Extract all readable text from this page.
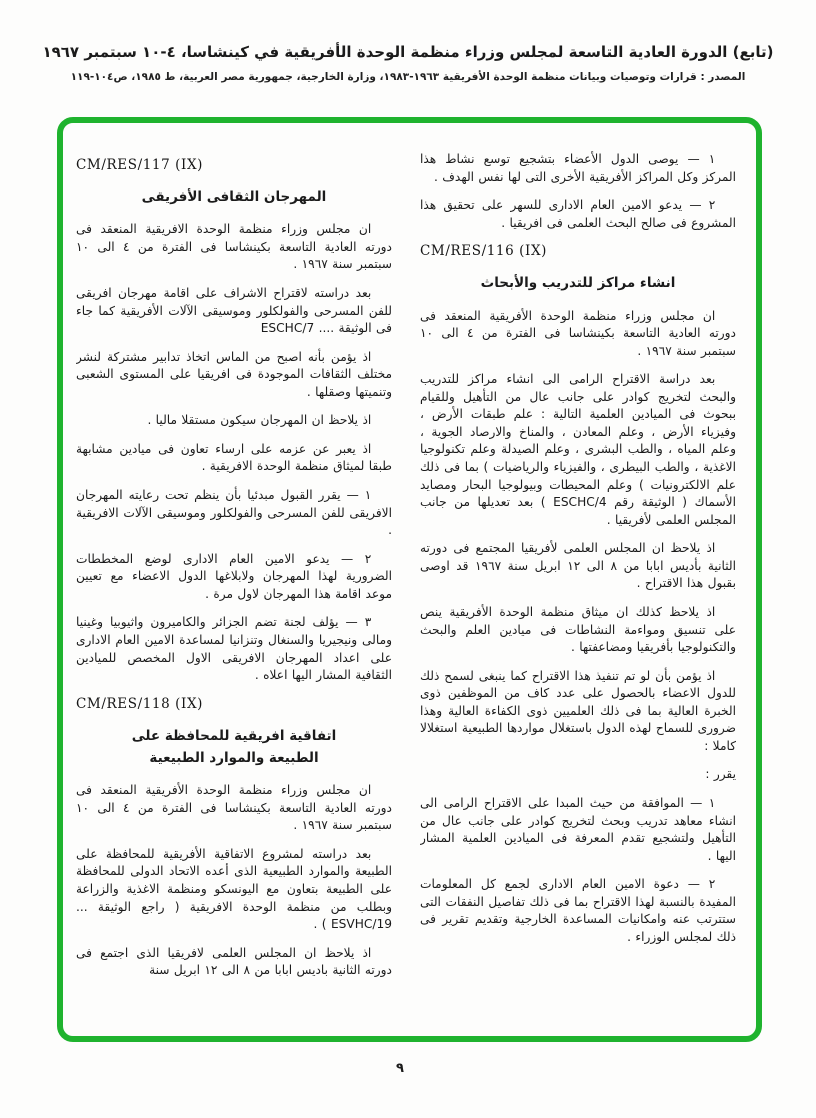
(تابع) الدورة العادية التاسعة لمجلس وزراء منظمة الوحدة الأفريقية في كينشاسا، ٤-١٠ سبتمبر ١٩٦٧
المصدر : قرارات وتوصيات وبيانات منظمة الوحدة الأفريقية ١٩٦٣-١٩٨٣، وزارة الخارجية، جمهورية مصر العربية، ط ١٩٨٥، ص١٠٤-١١٩
١ — يوصى الدول الأعضاء بتشجيع توسع نشاط هذا المركز وكل المراكز الأفريقية الأخرى التى لها نفس الهدف .
٢ — يدعو الامين العام الادارى للسهر على تحقيق هذا المشروع فى صالح البحث العلمى فى افريقيا .
CM/RES/116 (IX)
انشاء مراكز للتدريب والأبحاث
ان مجلس وزراء منظمة الوحدة الأفريقية المنعقد فى دورته العادية التاسعة بكينشاسا فى الفترة من ٤ الى ١٠ سبتمبر سنة ١٩٦٧ .
بعد دراسة الاقتراح الرامى الى انشاء مراكز للتدريب والبحث لتخريج كوادر على جانب عال من التأهيل وللقيام ببحوث فى الميادين العلمية التالية : علم طبقات الأرض ، وفيزياء الأرض ، وعلم المعادن ، والمناخ والارصاد الجوية ، وعلم المياه ، والطب البشرى ، وعلم الصيدلة وعلم تكنولوجيا الاغذية ، والطب البيطرى ، والفيزياء والرياضيات ) بما فى ذلك علم الالكترونيات ) وعلم المحيطات وبيولوجيا البحار ومصايد الأسماك ( الوثيقة رقم ESCHC/4 ) بعد تعديلها من جانب المجلس العلمى لأفريقيا .
اذ يلاحظ ان المجلس العلمى لأفريقيا المجتمع فى دورته الثانية بأديس ابابا من ٨ الى ١٢ ابريل سنة ١٩٦٧ قد اوصى بقبول هذا الاقتراح .
اذ يلاحظ كذلك ان ميثاق منظمة الوحدة الأفريقية ينص على تنسيق ومواءمة النشاطات فى ميادين العلم والبحث والتكنولوجيا بأفريقيا ومضاعفتها .
اذ يؤمن بأن لو تم تنفيذ هذا الاقتراح كما ينبغى لسمح ذلك للدول الاعضاء بالحصول على عدد كاف من الموظفين ذوى الخبرة العالية بما فى ذلك العلميين ذوى الكفاءة العالية وهذا ضرورى للسماح لهذه الدول باستغلال مواردها الطبيعية استغلالا كاملا :
يقرر :
١ — الموافقة من حيث المبدا على الاقتراح الرامى الى انشاء معاهد تدريب وبحث لتخريج كوادر على جانب عال من التأهيل ولتشجيع تقدم المعرفة فى الميادين العلمية المشار اليها .
٢ — دعوة الامين العام الادارى لجمع كل المعلومات المفيدة بالنسبة لهذا الاقتراح بما فى ذلك تفاصيل النفقات التى ستترتب عنه وامكانيات المساعدة الخارجية وتقديم تقرير فى ذلك لمجلس الوزراء .
CM/RES/117 (IX)
المهرجان الثقافى الأفريقى
ان مجلس وزراء منظمة الوحدة الافريقية المنعقد فى دورته العادية التاسعة بكينشاسا فى الفترة من ٤ الى ١٠ سبتمبر سنة ١٩٦٧ .
بعد دراسته لاقتراح الاشراف على اقامة مهرجان افريقى للفن المسرحى والفولكلور وموسيقى الآلات الأفريقية كما جاء فى الوثيقة .... ESCHC/7
اذ يؤمن بأنه اصبح من الماس اتخاذ تدابير مشتركة لنشر مختلف الثقافات الموجودة فى افريقيا على المستوى الشعبى وتنميتها وصقلها .
اذ يلاحظ ان المهرجان سيكون مستقلا ماليا .
اذ يعبر عن عزمه على ارساء تعاون فى ميادين مشابهة طبقا لميثاق منظمة الوحدة الافريقية .
١ — يقرر القبول مبدئيا بأن ينظم تحت رعايته المهرجان الافريقى للفن المسرحى والفولكلور وموسيقى الآلات الافريقية .
٢ — يدعو الامين العام الادارى لوضع المخططات الضرورية لهذا المهرجان ولابلاغها الدول الاعضاء مع تعيين موعد اقامة هذا المهرجان لاول مرة .
٣ — يؤلف لجنة تضم الجزائر والكاميرون واثيوبيا وغينيا ومالى ونيجيريا والسنغال وتنزانيا لمساعدة الامين العام الادارى على اعداد المهرجان الافريقى الاول المخصص للميادين الثقافية المشار اليها اعلاه .
CM/RES/118 (IX)
اتفاقية افريقية للمحافظة على
الطبيعة والموارد الطبيعية
ان مجلس وزراء منظمة الوحدة الأفريقية المنعقد فى دورته العادية التاسعة بكينشاسا فى الفترة من ٤ الى ١٠ سبتمبر سنة ١٩٦٧ .
بعد دراسته لمشروع الاتفاقية الأفريقية للمحافظة على الطبيعة والموارد الطبيعية الذى أعده الاتحاد الدولى للمحافظة على الطبيعة بتعاون مع اليونسكو ومنظمة الاغذية والزراعة وبطلب من منظمة الوحدة الافريقية ( راجع الوثيقة ... ESVHC/19 ) .
اذ يلاحظ ان المجلس العلمى لافريقيا الذى اجتمع فى دورته الثانية باديس ابابا من ٨ الى ١٢ ابريل سنة
٩
